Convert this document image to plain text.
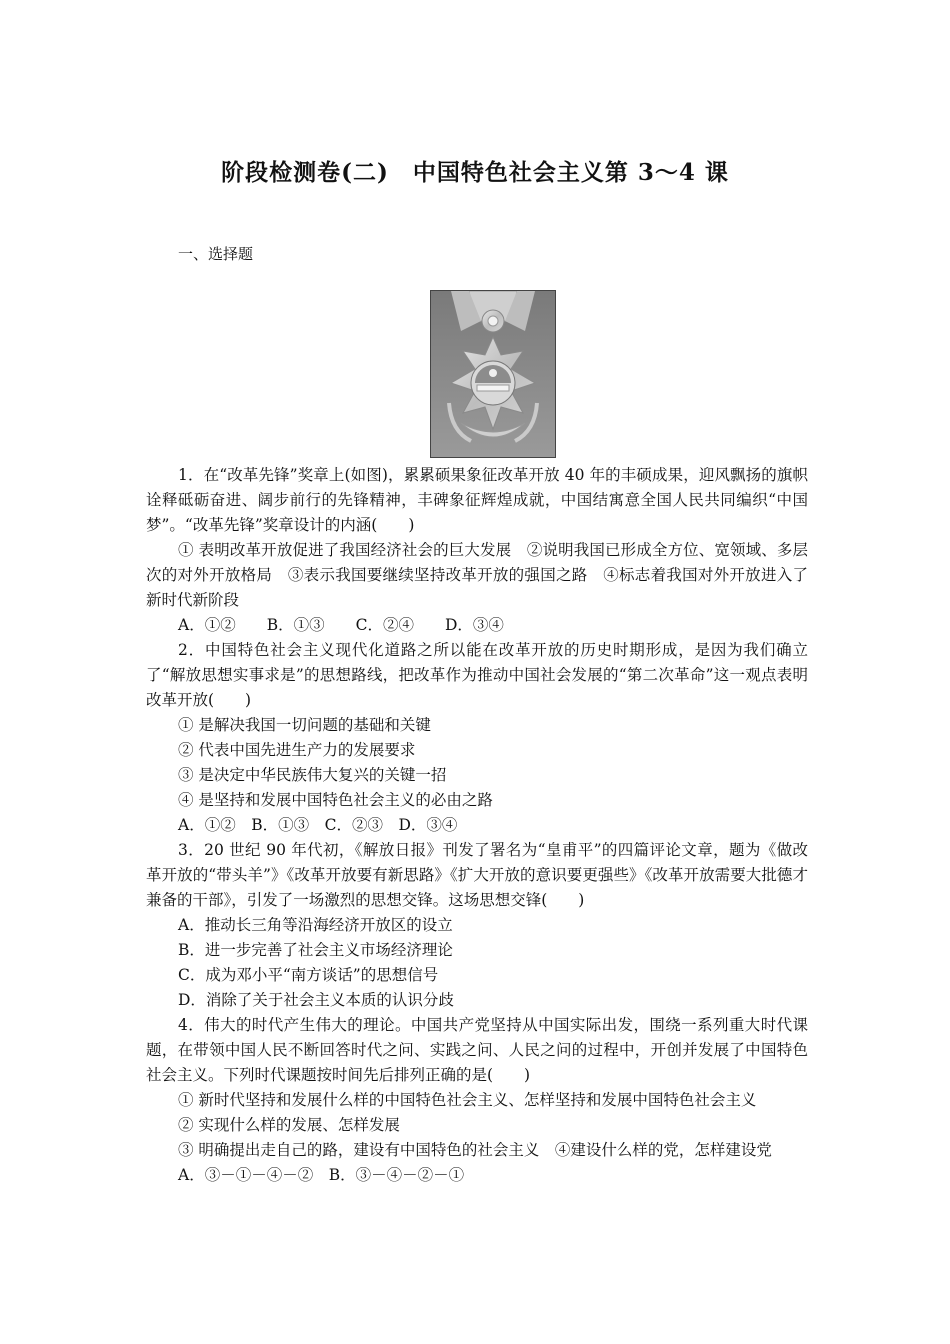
阶段检测卷(二)　中国特色社会主义第 3～4 课
一、选择题

1．在“改革先锋”奖章上(如图)，累累硕果象征改革开放 40 年的丰硕成果，迎风飘扬的旗帜诠释砥砺奋进、阔步前行的先锋精神，丰碑象征辉煌成就，中国结寓意全国人民共同编织“中国梦”。“改革先锋”奖章设计的内涵(　　)

① 表明改革开放促进了我国经济社会的巨大发展　②说明我国已形成全方位、宽领域、多层次的对外开放格局　③表示我国要继续坚持改革开放的强国之路　④标志着我国对外开放进入了新时代新阶段

A．①②　　B．①③　　C．②④　　D．③④

2．中国特色社会主义现代化道路之所以能在改革开放的历史时期形成，是因为我们确立了“解放思想实事求是”的思想路线，把改革作为推动中国社会发展的“第二次革命”这一观点表明改革开放(　　)

① 是解决我国一切问题的基础和关键

② 代表中国先进生产力的发展要求

③ 是决定中华民族伟大复兴的关键一招

④ 是坚持和发展中国特色社会主义的必由之路

A．①②　B．①③　C．②③　D．③④

3．20 世纪 90 年代初，《解放日报》刊发了署名为“皇甫平”的四篇评论文章，题为《做改革开放的“带头羊”》《改革开放要有新思路》《扩大开放的意识要更强些》《改革开放需要大批德才兼备的干部》，引发了一场激烈的思想交锋。这场思想交锋(　　)

A．推动长三角等沿海经济开放区的设立

B．进一步完善了社会主义市场经济理论

C．成为邓小平“南方谈话”的思想信号

D．消除了关于社会主义本质的认识分歧

4．伟大的时代产生伟大的理论。中国共产党坚持从中国实际出发，围绕一系列重大时代课题，在带领中国人民不断回答时代之问、实践之问、人民之问的过程中，开创并发展了中国特色社会主义。下列时代课题按时间先后排列正确的是(　　)

① 新时代坚持和发展什么样的中国特色社会主义、怎样坚持和发展中国特色社会主义

② 实现什么样的发展、怎样发展

③ 明确提出走自己的路，建设有中国特色的社会主义　④建设什么样的党，怎样建设党

A．③－①－④－②　B．③－④－②－①
